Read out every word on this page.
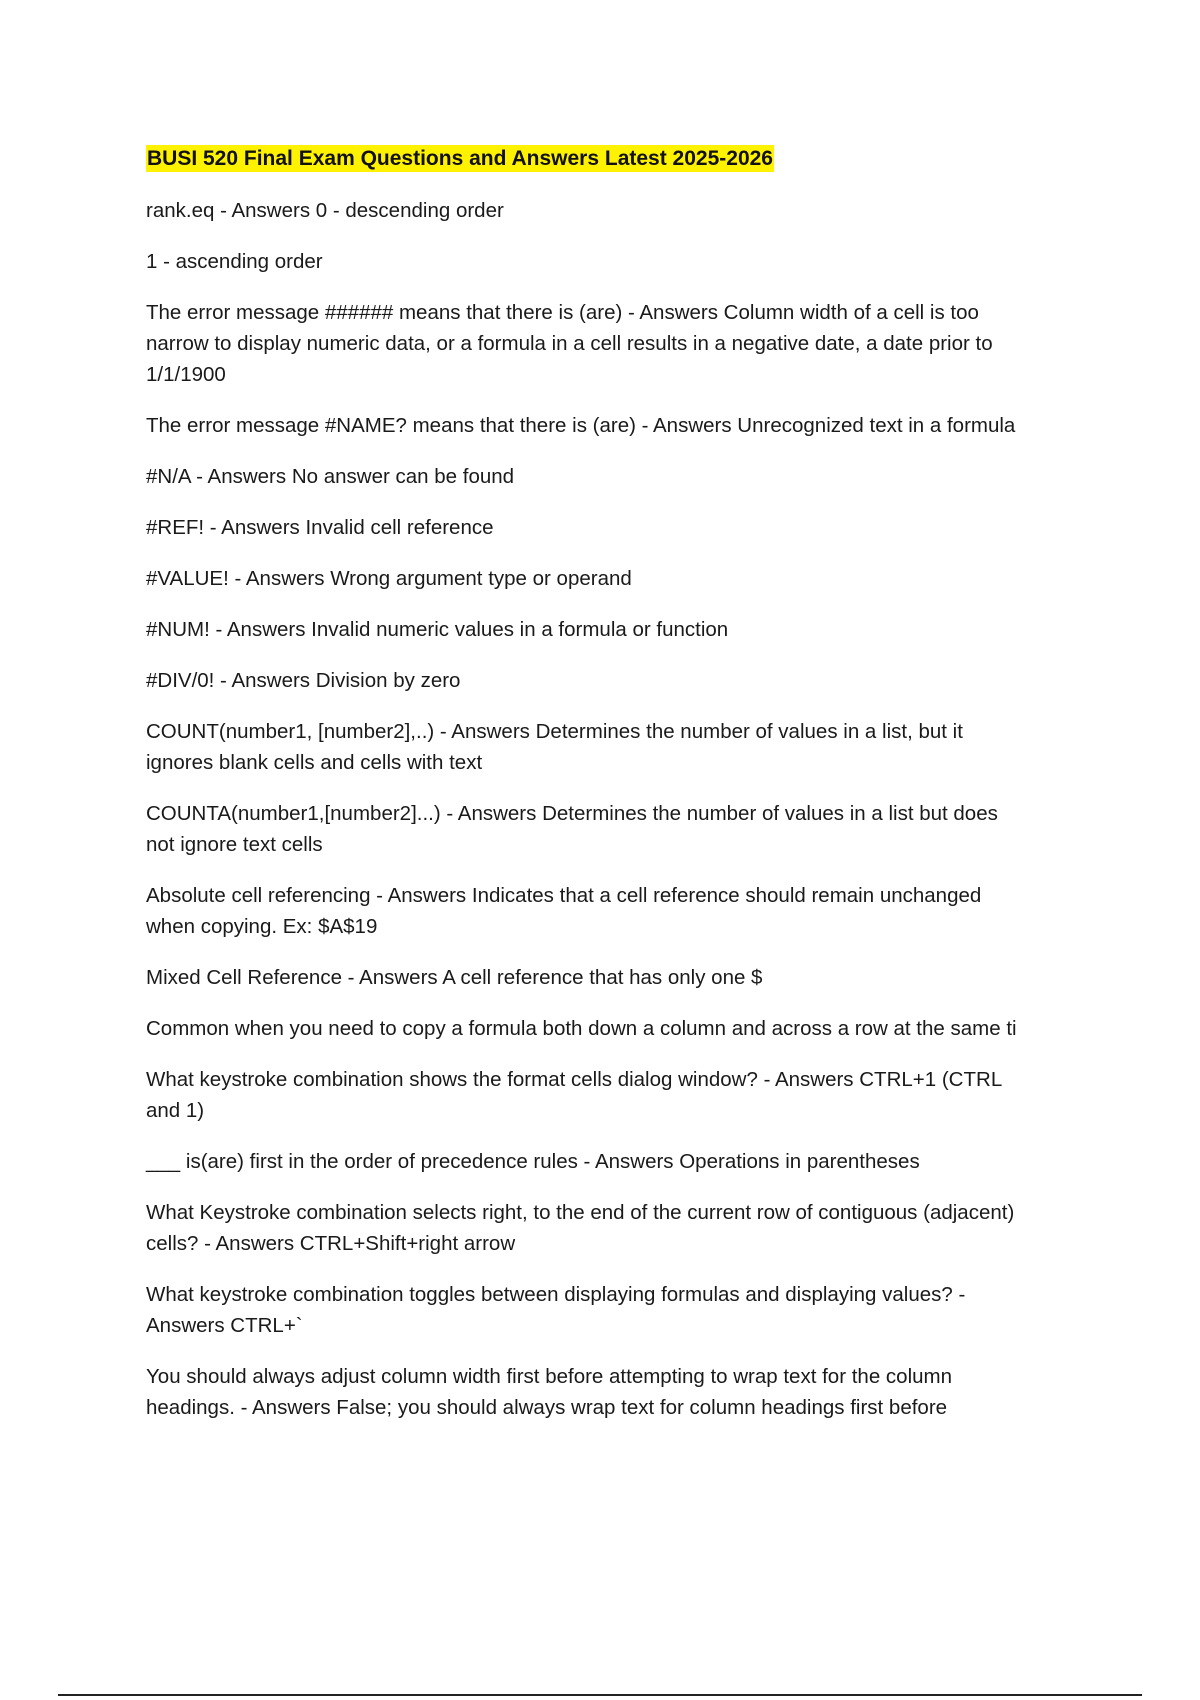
BUSI 520 Final Exam Questions and Answers Latest 2025-2026
rank.eq - Answers 0 - descending order
1 - ascending order
The error message ###### means that there is (are) - Answers Column width of a cell is too
narrow to display numeric data, or a formula in a cell results in a negative date, a date prior to
1/1/1900
The error message #NAME? means that there is (are) - Answers Unrecognized text in a formula
#N/A - Answers No answer can be found
#REF! - Answers Invalid cell reference
#VALUE! - Answers Wrong argument type or operand
#NUM! - Answers Invalid numeric values in a formula or function
#DIV/0! - Answers Division by zero
COUNT(number1, [number2],..) - Answers Determines the number of values in a list, but it
ignores blank cells and cells with text
COUNTA(number1,[number2]...) - Answers Determines the number of values in a list but does
not ignore text cells
Absolute cell referencing - Answers Indicates that a cell reference should remain unchanged
when copying. Ex: $A$19
Mixed Cell Reference - Answers A cell reference that has only one $
Common when you need to copy a formula both down a column and across a row at the same ti
What keystroke combination shows the format cells dialog window? - Answers CTRL+1 (CTRL
and 1)
___ is(are) first in the order of precedence rules - Answers Operations in parentheses
What Keystroke combination selects right, to the end of the current row of contiguous (adjacent)
cells? - Answers CTRL+Shift+right arrow
What keystroke combination toggles between displaying formulas and displaying values? -
Answers CTRL+`
You should always adjust column width first before attempting to wrap text for the column
headings. - Answers False; you should always wrap text for column headings first before
